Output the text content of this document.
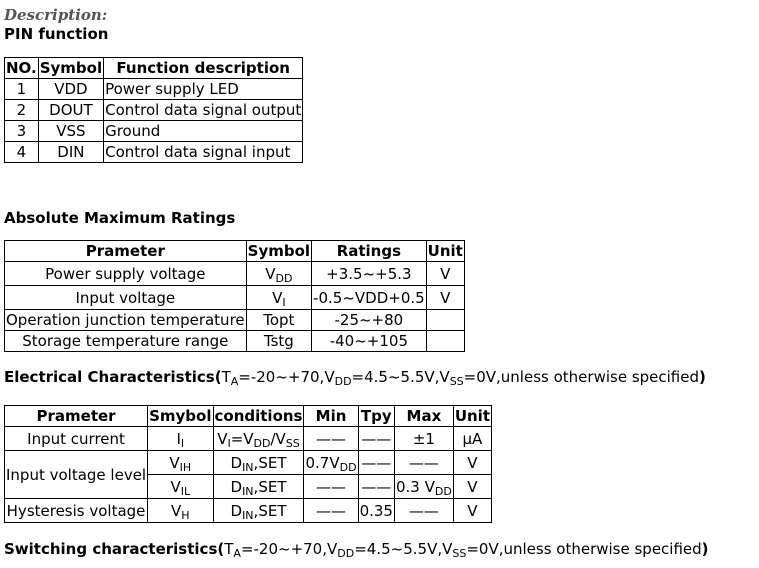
Description:
PIN function
NO.	Symbol	Function description
1	VDD	Power supply LED
2	DOUT	Control data signal output
3	VSS	Ground
4	DIN	Control data signal input
Absolute Maximum Ratings
Prameter	Symbol	Ratings	Unit
Power supply voltage	$V_{DD}$	+3.5~+5.3	V
Input voltage	$V_I$	-0.5~VDD+0.5	V
Operation junction temperature	Topt	-25~+80	
Storage temperature range	Tstg	-40~+105	
Electrical $Characteristics(T_A=-20\sim+70,V_{DD}=4.5\sim 5.5V,V_{SS}=0V,unless$ otherwise specified)
Prameter	Smybol	conditions	Min	Tpy	Max	Unit
Input current	$I_I$	$V_I=V_{DD}/V_{SS}$	——	——	±1	μA
Input voltage level	$V_{IH}$	$D_{IN},SET$	$0.7V_{DD}$	——	——	V
	$V_{IL}$	$D_{IN},SET$	——	——	0.3 $V_{DD}$	V
Hysteresis voltage	$V_H$	$D_{IN},SET$	——	0.35	——	V
Switching $characteristics(T_A=-20\sim+70,V_{DD}=4.5\sim 5.5V,V_{SS}=0V,unless$ otherwise specified)
